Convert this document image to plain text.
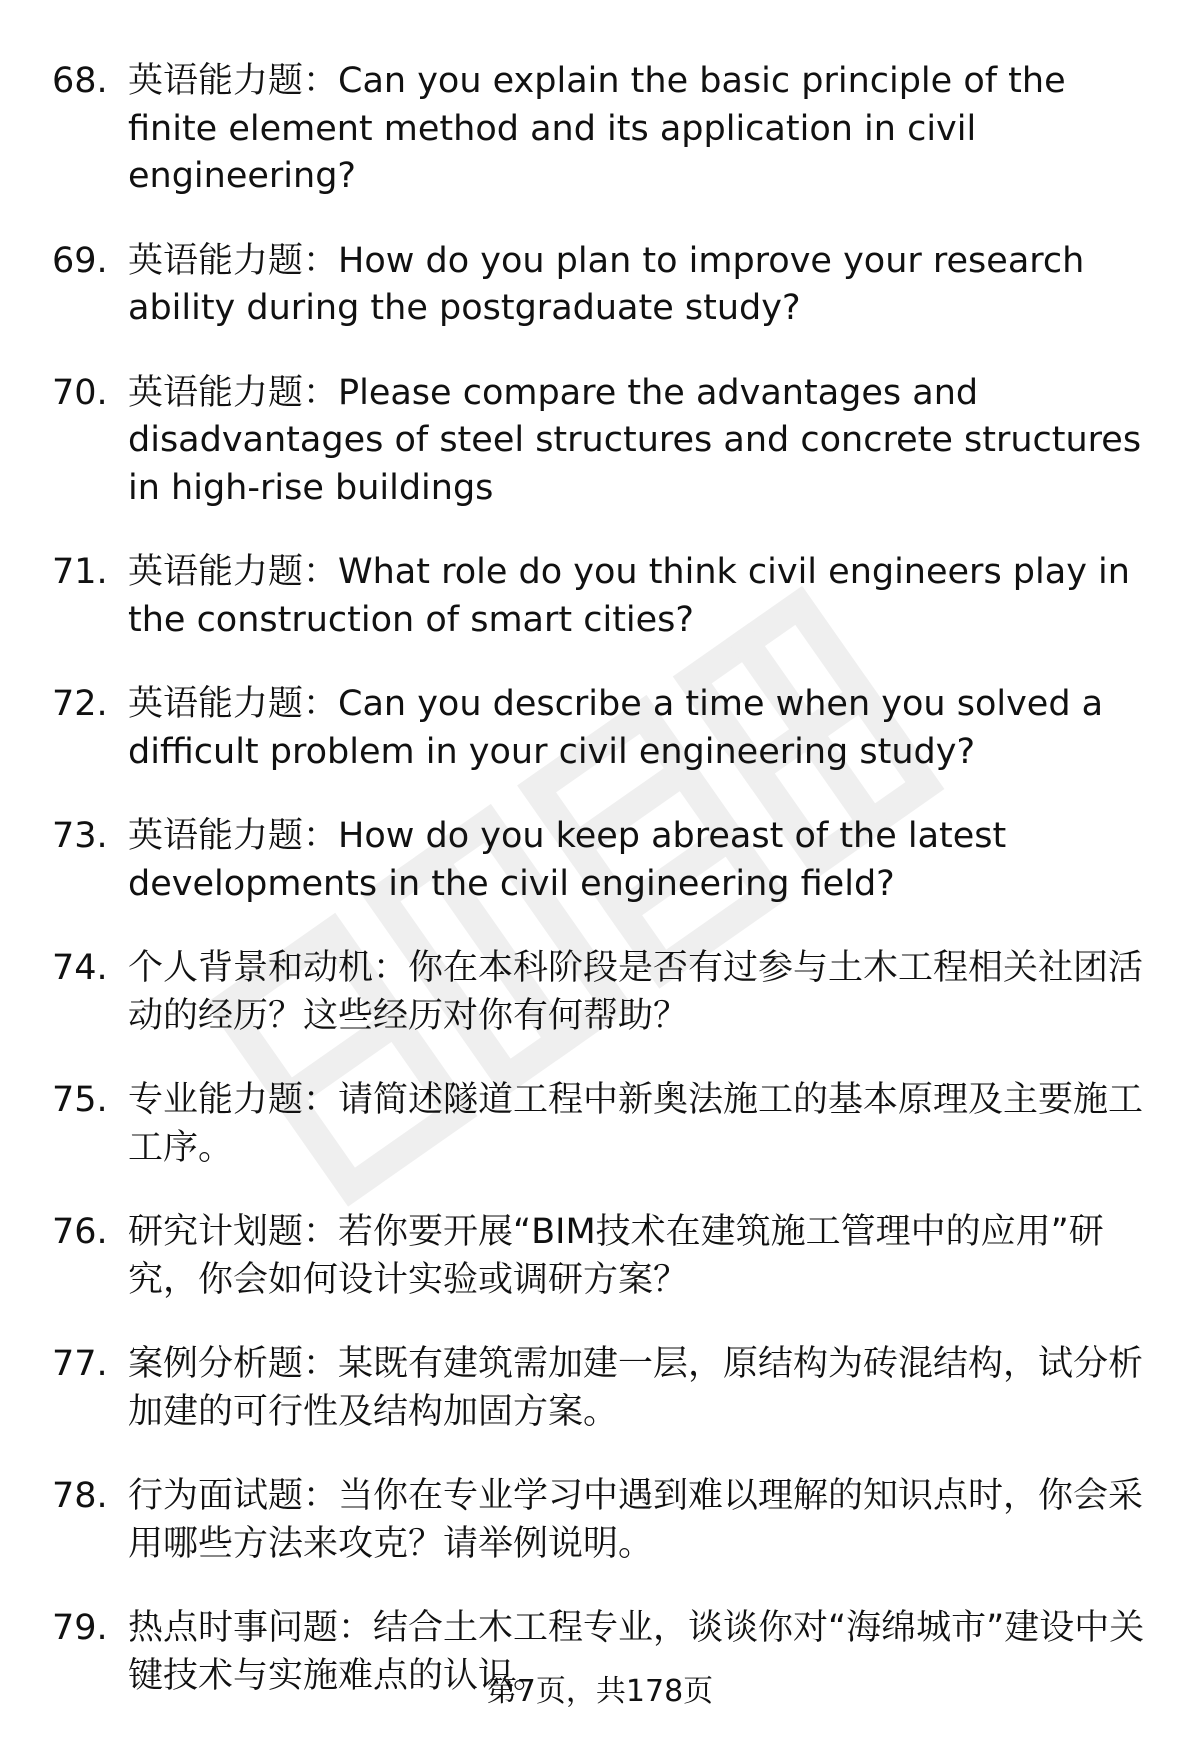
68. 英语能力题：Can you explain the basic principle of the finite element method and its application in civil engineering?
69. 英语能力题：How do you plan to improve your research ability during the postgraduate study?
70. 英语能力题：Please compare the advantages and disadvantages of steel structures and concrete structures in high-rise buildings
71. 英语能力题：What role do you think civil engineers play in the construction of smart cities?
72. 英语能力题：Can you describe a time when you solved a difficult problem in your civil engineering study?
73. 英语能力题：How do you keep abreast of the latest developments in the civil engineering field?
74. 个人背景和动机：你在本科阶段是否有过参与土木工程相关社团活动的经历？这些经历对你有何帮助？
75. 专业能力题：请简述隧道工程中新奥法施工的基本原理及主要施工工序。
76. 研究计划题：若你要开展“BIM技术在建筑施工管理中的应用”研究，你会如何设计实验或调研方案？
77. 案例分析题：某既有建筑需加建一层，原结构为砖混结构，试分析加建的可行性及结构加固方案。
78. 行为面试题：当你在专业学习中遇到难以理解的知识点时，你会采用哪些方法来攻克？请举例说明。
79. 热点时事问题：结合土木工程专业，谈谈你对“海绵城市”建设中关键技术与实施难点的认识。
第7页，共178页
